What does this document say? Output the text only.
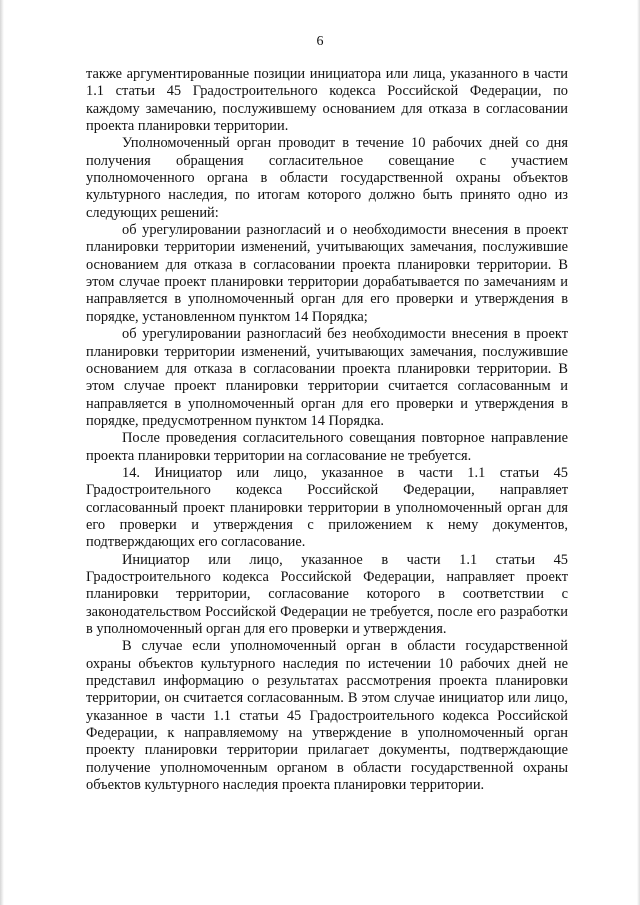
6

также аргументированные позиции инициатора или лица, указанного в части 1.1 статьи 45 Градостроительного кодекса Российской Федерации, по каждому замечанию, послужившему основанием для отказа в согласовании проекта планировки территории.

Уполномоченный орган проводит в течение 10 рабочих дней со дня получения обращения согласительное совещание с участием уполномоченного органа в области государственной охраны объектов культурного наследия, по итогам которого должно быть принято одно из следующих решений:

об урегулировании разногласий и о необходимости внесения в проект планировки территории изменений, учитывающих замечания, послужившие основанием для отказа в согласовании проекта планировки территории. В этом случае проект планировки территории дорабатывается по замечаниям и направляется в уполномоченный орган для его проверки и утверждения в порядке, установленном пунктом 14 Порядка;

об урегулировании разногласий без необходимости внесения в проект планировки территории изменений, учитывающих замечания, послужившие основанием для отказа в согласовании проекта планировки территории. В этом случае проект планировки территории считается согласованным и направляется в уполномоченный орган для его проверки и утверждения в порядке, предусмотренном пунктом 14 Порядка.

После проведения согласительного совещания повторное направление проекта планировки территории на согласование не требуется.

14. Инициатор или лицо, указанное в части 1.1 статьи 45 Градостроительного кодекса Российской Федерации, направляет согласованный проект планировки территории в уполномоченный орган для его проверки и утверждения с приложением к нему документов, подтверждающих его согласование.

Инициатор или лицо, указанное в части 1.1 статьи 45 Градостроительного кодекса Российской Федерации, направляет проект планировки территории, согласование которого в соответствии с законодательством Российской Федерации не требуется, после его разработки в уполномоченный орган для его проверки и утверждения.

В случае если уполномоченный орган в области государственной охраны объектов культурного наследия по истечении 10 рабочих дней не представил информацию о результатах рассмотрения проекта планировки территории, он считается согласованным. В этом случае инициатор или лицо, указанное в части 1.1 статьи 45 Градостроительного кодекса Российской Федерации, к направляемому на утверждение в уполномоченный орган проекту планировки территории прилагает документы, подтверждающие получение уполномоченным органом в области государственной охраны объектов культурного наследия проекта планировки территории.
